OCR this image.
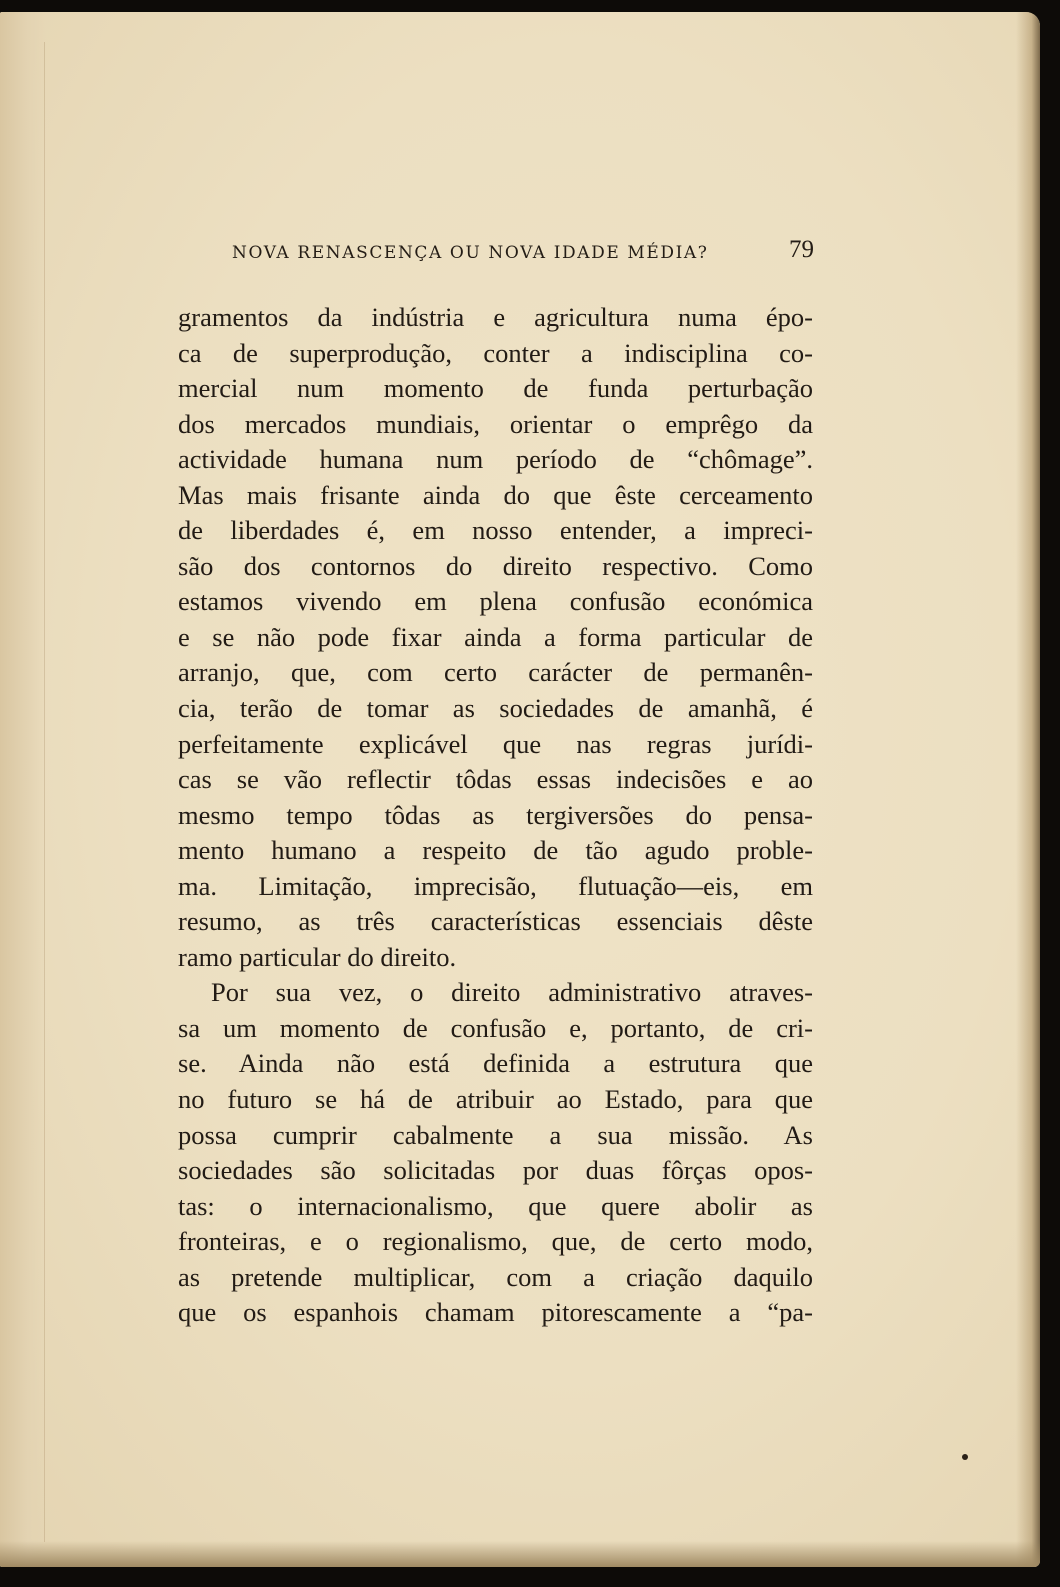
NOVA RENASCENÇA OU NOVA IDADE MÉDIA?	79
gramentos da indústria e agricultura numa épo-
ca de superprodução, conter a indisciplina co-
mercial num momento de funda perturbação
dos mercados mundiais, orientar o emprêgo da
actividade humana num período de “chômage”.
Mas mais frisante ainda do que êste cerceamento
de liberdades é, em nosso entender, a impreci-
são dos contornos do direito respectivo. Como
estamos vivendo em plena confusão económica
e se não pode fixar ainda a forma particular de
arranjo, que, com certo carácter de permanên-
cia, terão de tomar as sociedades de amanhã, é
perfeitamente explicável que nas regras jurídi-
cas se vão reflectir tôdas essas indecisões e ao
mesmo tempo tôdas as tergiversões do pensa-
mento humano a respeito de tão agudo proble-
ma. Limitação, imprecisão, flutuação—eis, em
resumo, as três características essenciais dêste
ramo particular do direito.
Por sua vez, o direito administrativo atraves-
sa um momento de confusão e, portanto, de cri-
se. Ainda não está definida a estrutura que
no futuro se há de atribuir ao Estado, para que
possa cumprir cabalmente a sua missão. As
sociedades são solicitadas por duas fôrças opos-
tas: o internacionalismo, que quere abolir as
fronteiras, e o regionalismo, que, de certo modo,
as pretende multiplicar, com a criação daquilo
que os espanhois chamam pitorescamente a “pa-
